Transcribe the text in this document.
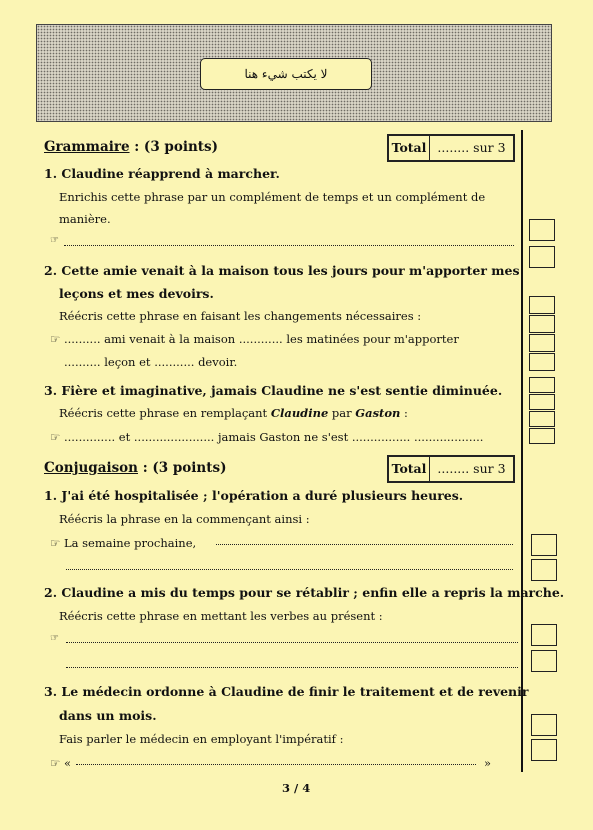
لا يكتب شيء هنا
Grammaire : (3 points)	Total ........ sur 3
1. Claudine réapprend à marcher.
Enrichis cette phrase par un complément de temps et un complément de
manière.
☞
2. Cette amie venait à la maison tous les jours pour m'apporter mes
leçons et mes devoirs.
Réécris cette phrase en faisant les changements nécessaires :
☞ .......... ami venait à la maison ............ les matinées pour m'apporter
.......... leçon et ........... devoir.
3. Fière et imaginative, jamais Claudine ne s'est sentie diminuée.
Réécris cette phrase en remplaçant Claudine par Gaston :
☞ .............. et ...................... jamais Gaston ne s'est ................ ...................
Conjugaison : (3 points)	Total ........ sur 3
1. J'ai été hospitalisée ; l'opération a duré plusieurs heures.
Réécris la phrase en la commençant ainsi :
☞ La semaine prochaine,
2. Claudine a mis du temps pour se rétablir ; enfin elle a repris la marche.
Réécris cette phrase en mettant les verbes au présent :
☞
3. Le médecin ordonne à Claudine de finir le traitement et de revenir
dans un mois.
Fais parler le médecin en employant l'impératif :
☞ «	»
3 / 4
